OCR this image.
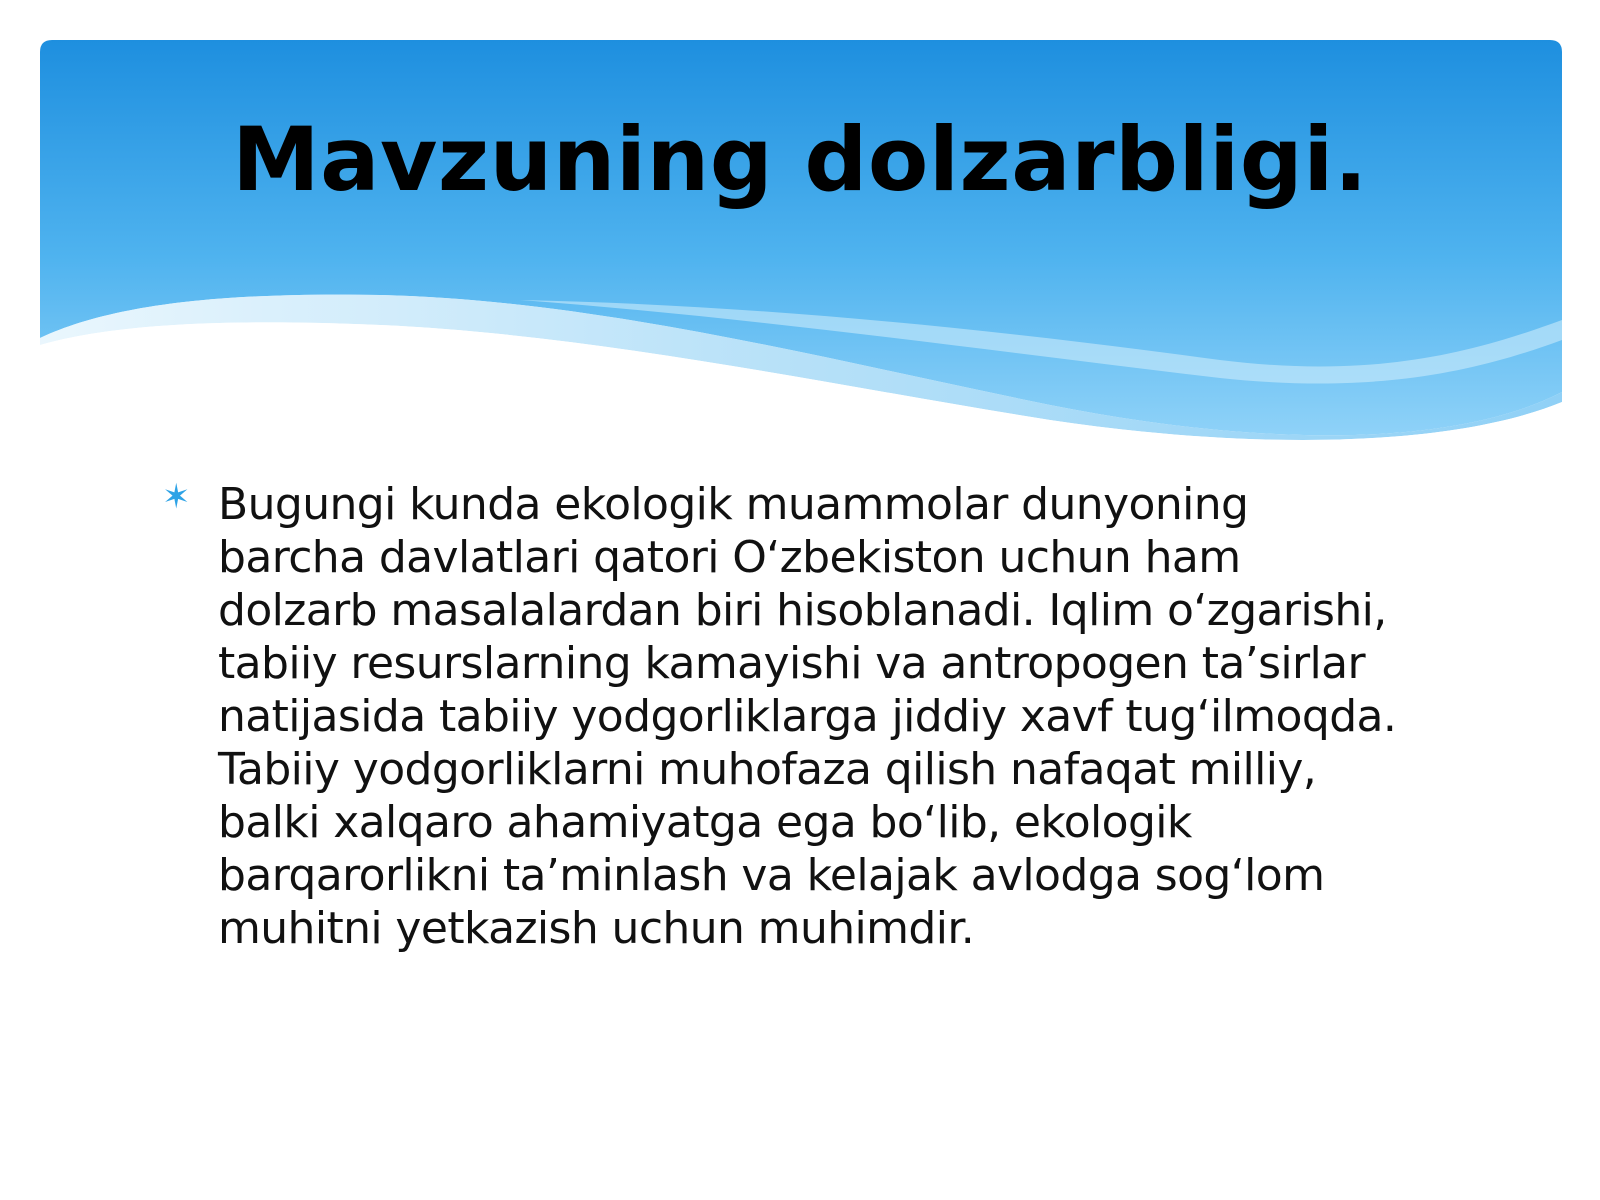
Mavzuning dolzarbligi.
✶ Bugungi kunda ekologik muammolar dunyoning barcha davlatlari qatori O‘zbekiston uchun ham dolzarb masalalardan biri hisoblanadi. Iqlim o‘zgarishi, tabiiy resurslarning kamayishi va antropogen ta’sirlar natijasida tabiiy yodgorliklarga jiddiy xavf tug‘ilmoqda. Tabiiy yodgorliklarni muhofaza qilish nafaqat milliy, balki xalqaro ahamiyatga ega bo‘lib, ekologik barqarorlikni ta’minlash va kelajak avlodga sog‘lom muhitni yetkazish uchun muhimdir.
